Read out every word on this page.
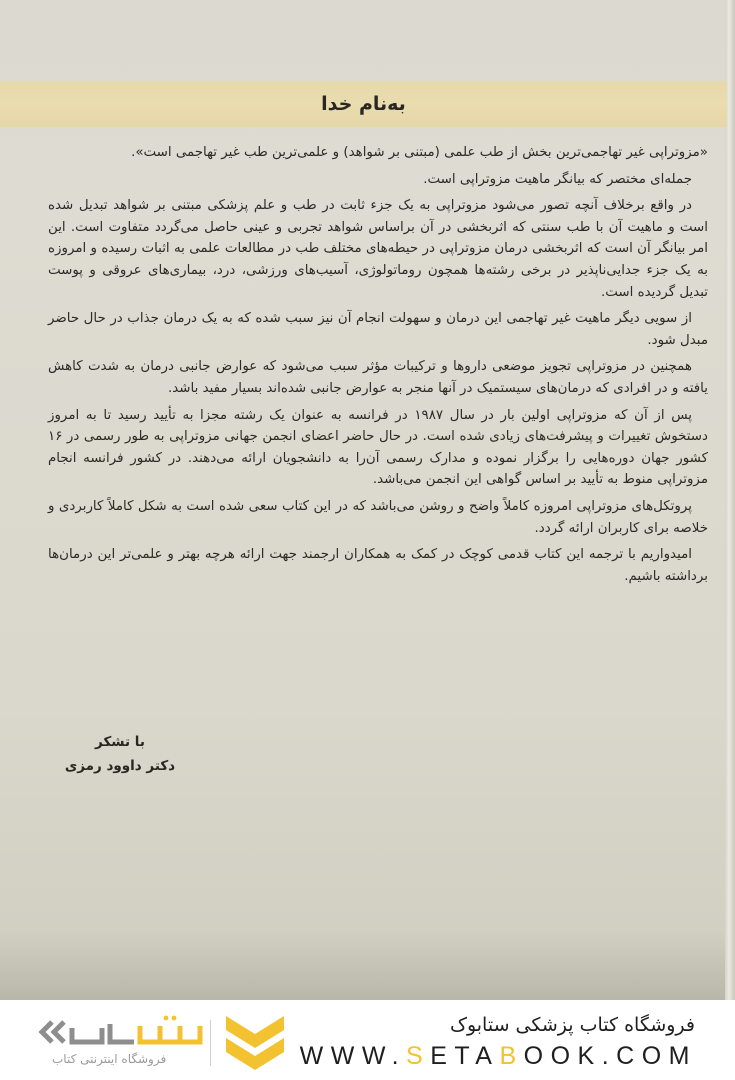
به‌نام خدا

«مزوتراپی غیر تهاجمی‌ترین بخش از طب علمی (مبتنی بر شواهد) و علمی‌ترین طب غیر تهاجمی است».

جمله‌ای مختصر که بیانگر ماهیت مزوتراپی است.

در واقع برخلاف آنچه تصور می‌شود مزوتراپی به یک جزء ثابت در طب و علم پزشکی مبتنی بر شواهد تبدیل شده است و ماهیت آن با طب سنتی که اثربخشی در آن براساس شواهد تجربی و عینی حاصل می‌گردد متفاوت است. این امر بیانگر آن است که اثربخشی درمان مزوتراپی در حیطه‌های مختلف طب در مطالعات علمی به اثبات رسیده و امروزه به یک جزء جدایی‌ناپذیر در برخی رشته‌ها همچون روماتولوژی، آسیب‌های ورزشی، درد، بیماری‌های عروقی و پوست تبدیل گردیده است.

از سویی دیگر ماهیت غیر تهاجمی این درمان و سهولت انجام آن نیز سبب شده که به یک درمان جذاب در حال حاضر مبدل شود.

همچنین در مزوتراپی تجویز موضعی داروها و ترکیبات مؤثر سبب می‌شود که عوارض جانبی درمان به شدت کاهش یافته و در افرادی که درمان‌های سیستمیک در آنها منجر به عوارض جانبی شده‌اند بسیار مفید باشد.

پس از آن که مزوتراپی اولین بار در سال ۱۹۸۷ در فرانسه به عنوان یک رشته مجزا به تأیید رسید تا به امروز دستخوش تغییرات و پیشرفت‌های زیادی شده است. در حال حاضر اعضای انجمن جهانی مزوتراپی به طور رسمی در ۱۶ کشور جهان دوره‌هایی را برگزار نموده و مدارک رسمی آن‌را به دانشجویان ارائه می‌دهند. در کشور فرانسه انجام مزوتراپی منوط به تأیید بر اساس گواهی این انجمن می‌باشد.

پروتکل‌های مزوتراپی امروزه کاملاً واضح و روشن می‌باشد که در این کتاب سعی شده است به شکل کاملاً کاربردی و خلاصه برای کاربران ارائه گردد.

امیدواریم با ترجمه این کتاب قدمی کوچک در کمک به همکاران ارجمند جهت ارائه هرچه بهتر و علمی‌تر این درمان‌ها برداشته باشیم.

با تشکر
دکتر داوود رمزی
فروشگاه کتاب پزشکی ستابوک
WWW.SETABOOK.COM
فروشگاه اینترنتی کتاب
